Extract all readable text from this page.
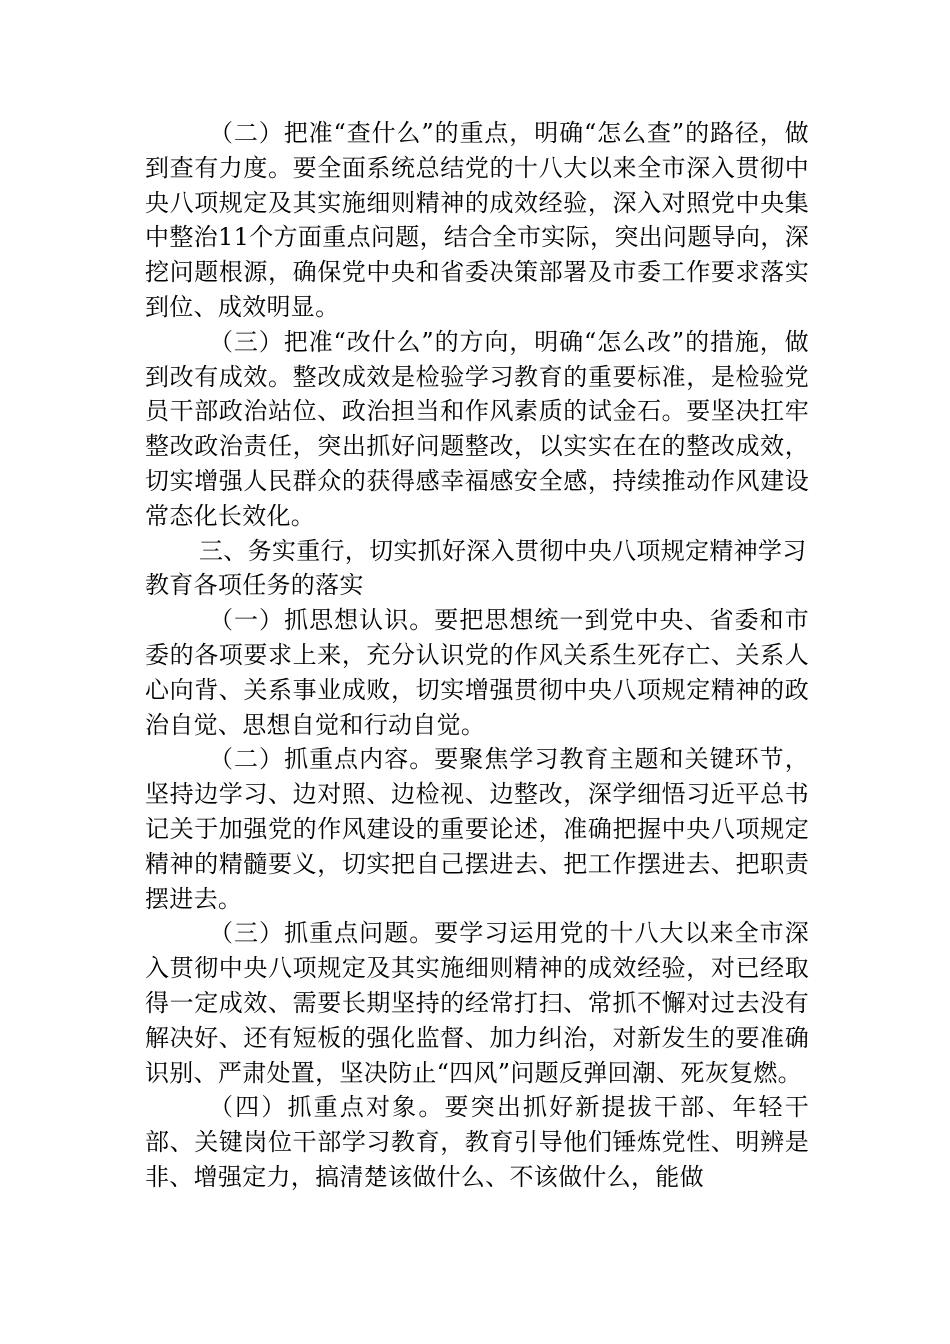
（二）把准“查什么”的重点，明确“怎么查”的路径，做到查有力度。要全面系统总结党的十八大以来全市深入贯彻中央八项规定及其实施细则精神的成效经验，深入对照党中央集中整治11个方面重点问题，结合全市实际，突出问题导向，深挖问题根源，确保党中央和省委决策部署及市委工作要求落实到位、成效明显。

（三）把准“改什么”的方向，明确“怎么改”的措施，做到改有成效。整改成效是检验学习教育的重要标准，是检验党员干部政治站位、政治担当和作风素质的试金石。要坚决扛牢整改政治责任，突出抓好问题整改，以实实在在的整改成效，切实增强人民群众的获得感幸福感安全感，持续推动作风建设常态化长效化。

三、务实重行，切实抓好深入贯彻中央八项规定精神学习教育各项任务的落实

（一）抓思想认识。要把思想统一到党中央、省委和市委的各项要求上来，充分认识党的作风关系生死存亡、关系人心向背、关系事业成败，切实增强贯彻中央八项规定精神的政治自觉、思想自觉和行动自觉。

（二）抓重点内容。要聚焦学习教育主题和关键环节，坚持边学习、边对照、边检视、边整改，深学细悟习近平总书记关于加强党的作风建设的重要论述，准确把握中央八项规定精神的精髓要义，切实把自己摆进去、把工作摆进去、把职责摆进去。

（三）抓重点问题。要学习运用党的十八大以来全市深入贯彻中央八项规定及其实施细则精神的成效经验，对已经取得一定成效、需要长期坚持的经常打扫、常抓不懈对过去没有解决好、还有短板的强化监督、加力纠治，对新发生的要准确识别、严肃处置，坚决防止“四风”问题反弹回潮、死灰复燃。

（四）抓重点对象。要突出抓好新提拔干部、年轻干部、关键岗位干部学习教育，教育引导他们锤炼党性、明辨是非、增强定力，搞清楚该做什么、不该做什么，能做
